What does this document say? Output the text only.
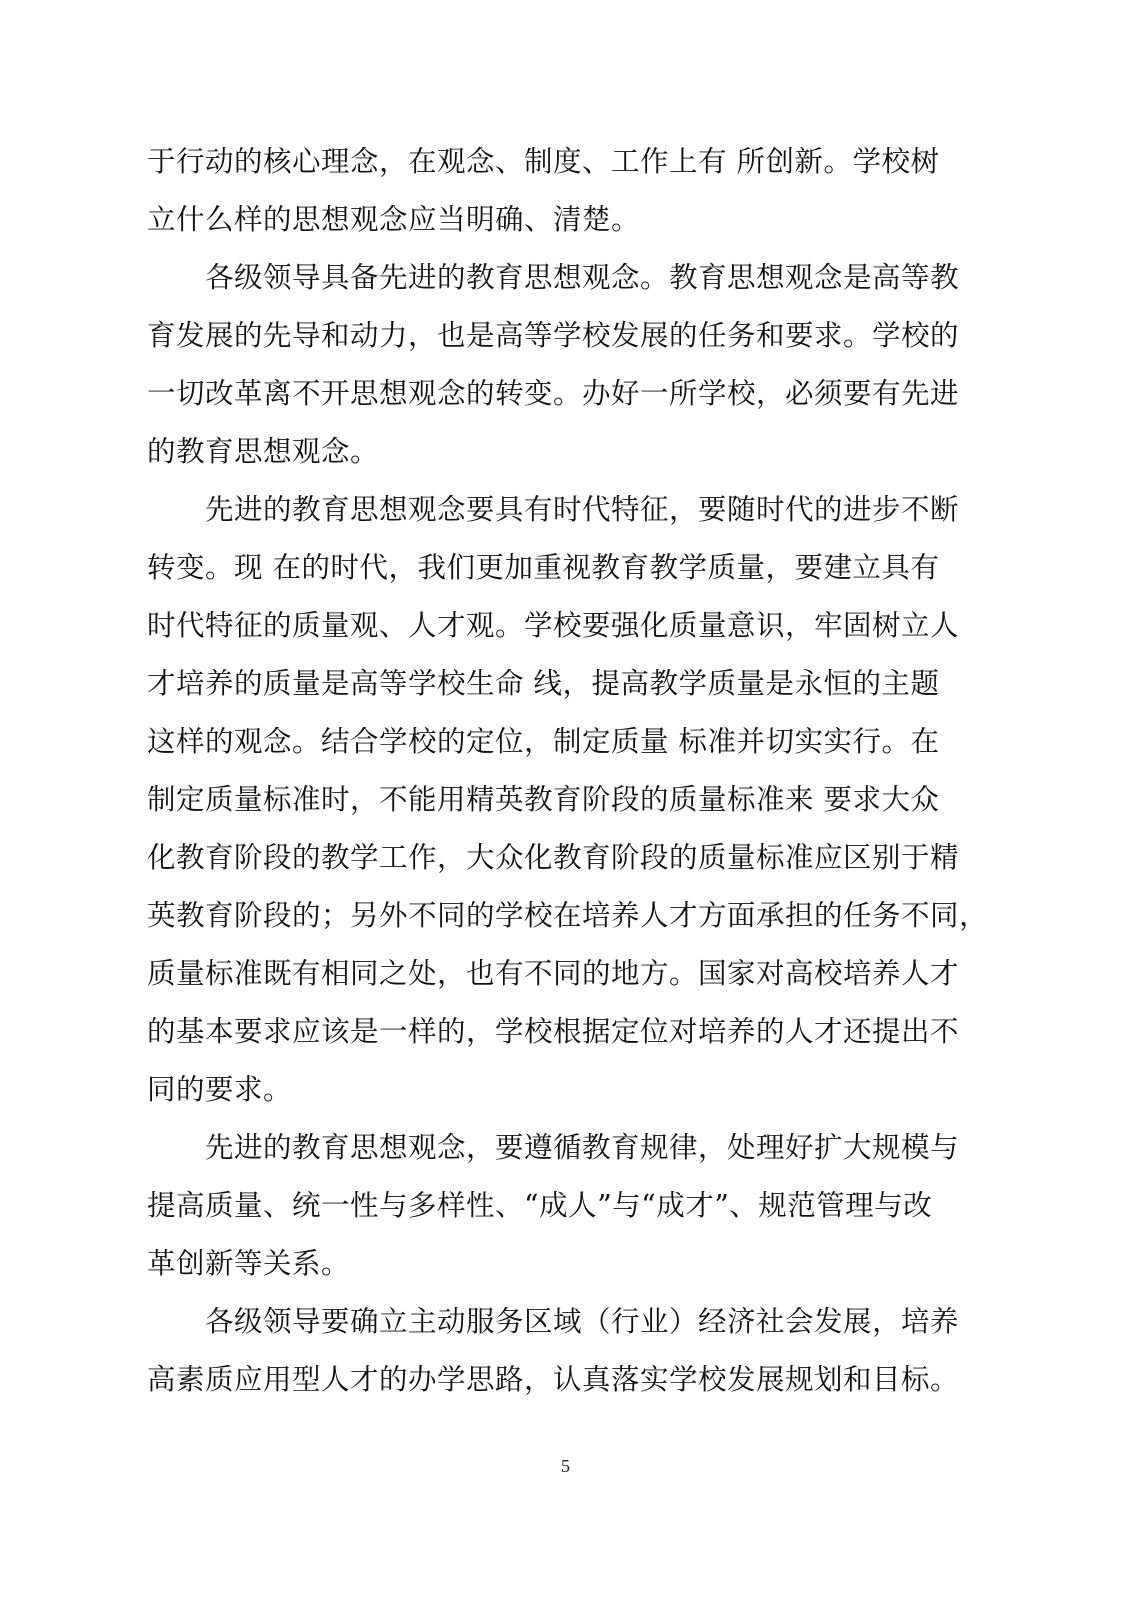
于行动的核心理念，在观念、制度、工作上有 所创新。学校树
立什么样的思想观念应当明确、清楚。
各级领导具备先进的教育思想观念。教育思想观念是高等教
育发展的先导和动力，也是高等学校发展的任务和要求。学校的
一切改革离不开思想观念的转变。办好一所学校，必须要有先进
的教育思想观念。
先进的教育思想观念要具有时代特征，要随时代的进步不断
转变。现 在的时代，我们更加重视教育教学质量，要建立具有
时代特征的质量观、人才观。学校要强化质量意识，牢固树立人
才培养的质量是高等学校生命 线，提高教学质量是永恒的主题
这样的观念。结合学校的定位，制定质量 标准并切实实行。在
制定质量标准时，不能用精英教育阶段的质量标准来 要求大众
化教育阶段的教学工作，大众化教育阶段的质量标准应区别于精
英教育阶段的；另外不同的学校在培养人才方面承担的任务不同，
质量标准既有相同之处，也有不同的地方。国家对高校培养人才
的基本要求应该是一样的，学校根据定位对培养的人才还提出不
同的要求。
先进的教育思想观念，要遵循教育规律，处理好扩大规模与
提高质量、统一性与多样性、“成人”与“成才”、规范管理与改
革创新等关系。
各级领导要确立主动服务区域（行业）经济社会发展，培养
高素质应用型人才的办学思路，认真落实学校发展规划和目标。
5
